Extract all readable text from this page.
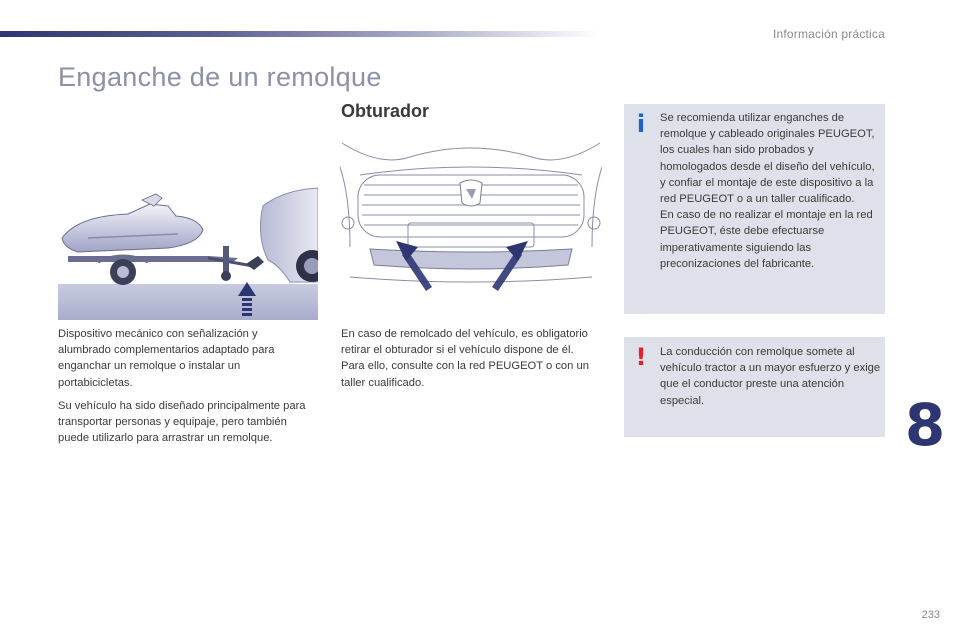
Información práctica
Enganche de un remolque
Obturador

Dispositivo mecánico con señalización y alumbrado complementarios adaptado para enganchar un remolque o instalar un portabicicletas.

Su vehículo ha sido diseñado principalmente para transportar personas y equipaje, pero también puede utilizarlo para arrastrar un remolque.

En caso de remolcado del vehículo, es obligatorio retirar el obturador si el vehículo dispone de él.
Para ello, consulte con la red PEUGEOT o con un taller cualificado.
i Se recomienda utilizar enganches de remolque y cableado originales PEUGEOT, los cuales han sido probados y homologados desde el diseño del vehículo, y confiar el montaje de este dispositivo a la red PEUGEOT o a un taller cualificado.
En caso de no realizar el montaje en la red PEUGEOT, éste debe efectuarse imperativamente siguiendo las preconizaciones del fabricante.
! La conducción con remolque somete al vehículo tractor a un mayor esfuerzo y exige que el conductor preste una atención especial.	8
233
